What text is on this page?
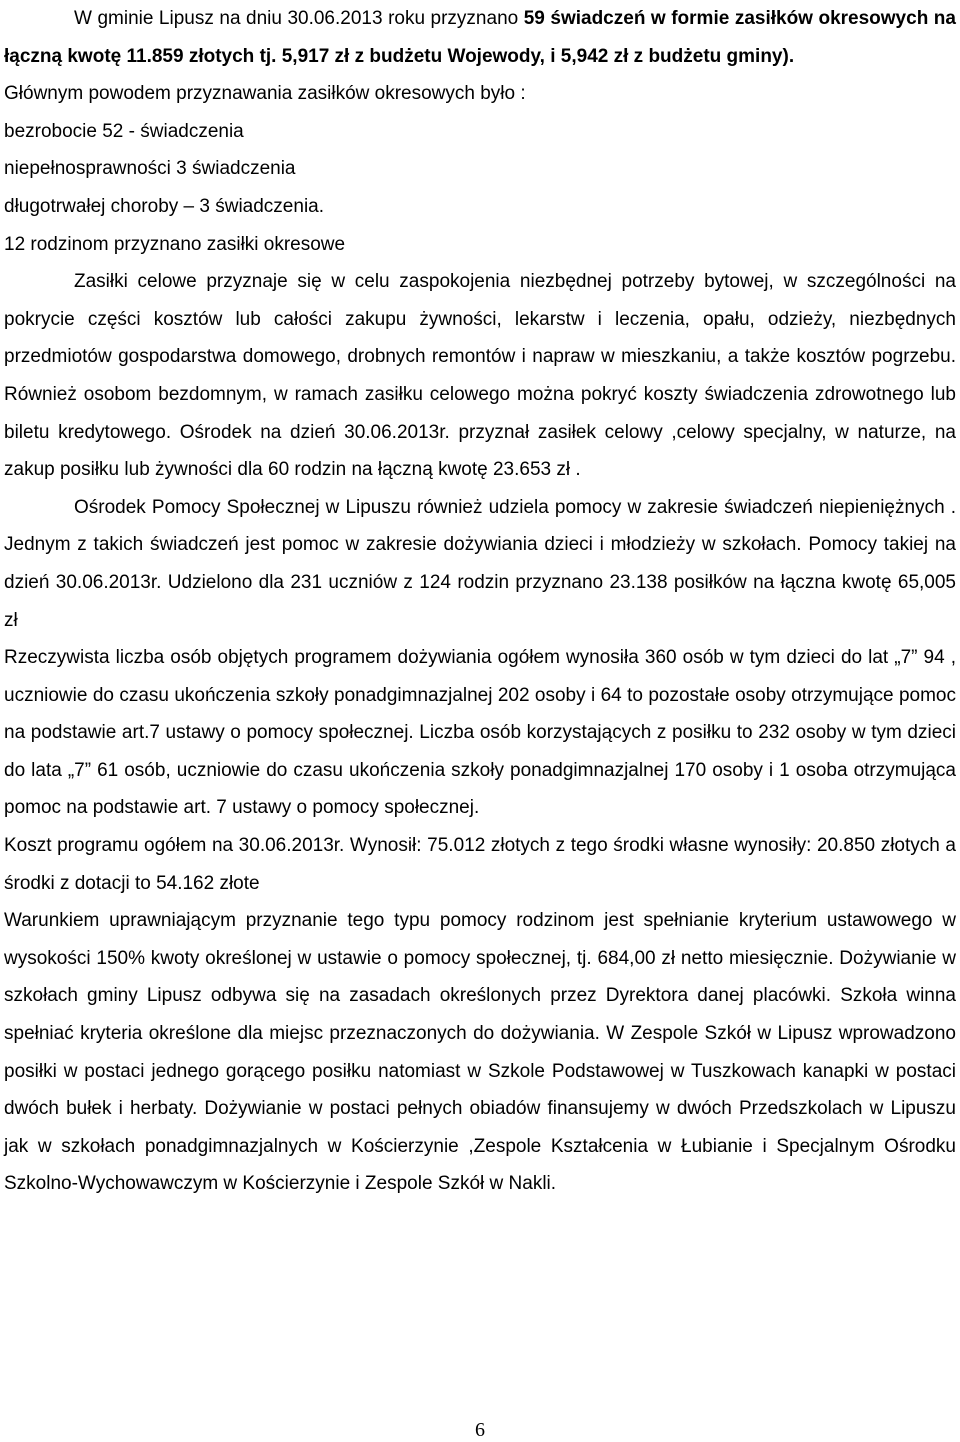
W gminie Lipusz na dniu 30.06.2013 roku przyznano 59 świadczeń w formie zasiłków okresowych na łączną kwotę 11.859 złotych tj. 5,917 zł z budżetu Wojewody, i 5,942 zł z budżetu gminy).

Głównym powodem przyznawania zasiłków okresowych było :

bezrobocie 52 - świadczenia

niepełnosprawności 3 świadczenia

długotrwałej choroby – 3 świadczenia.

12 rodzinom przyznano zasiłki okresowe

Zasiłki celowe przyznaje się w celu zaspokojenia niezbędnej potrzeby bytowej, w szczególności na pokrycie części kosztów lub całości zakupu żywności, lekarstw i leczenia, opału, odzieży, niezbędnych przedmiotów gospodarstwa domowego, drobnych remontów i napraw w mieszkaniu, a także kosztów pogrzebu. Również osobom bezdomnym, w ramach zasiłku celowego można pokryć koszty świadczenia zdrowotnego lub biletu kredytowego. Ośrodek na dzień 30.06.2013r. przyznał zasiłek celowy ,celowy specjalny, w naturze, na zakup posiłku lub żywności dla 60 rodzin na łączną kwotę 23.653 zł .

Ośrodek Pomocy Społecznej w Lipuszu również udziela pomocy w zakresie świadczeń niepieniężnych . Jednym z takich świadczeń jest pomoc w zakresie dożywiania dzieci i młodzieży w szkołach. Pomocy takiej na dzień 30.06.2013r. Udzielono dla 231 uczniów z 124 rodzin przyznano 23.138 posiłków na łączna kwotę 65,005 zł

Rzeczywista liczba osób objętych programem dożywiania ogółem wynosiła 360 osób w tym dzieci do lat „7” 94 , uczniowie do czasu ukończenia szkoły ponadgimnazjalnej 202 osoby i 64 to pozostałe osoby otrzymujące pomoc na podstawie art.7 ustawy o pomocy społecznej. Liczba osób korzystających z posiłku to 232 osoby w tym dzieci do lata „7” 61 osób, uczniowie do czasu ukończenia szkoły ponadgimnazjalnej 170 osoby i 1 osoba otrzymująca pomoc na podstawie art. 7 ustawy o pomocy społecznej.

Koszt programu ogółem na 30.06.2013r. Wynosił: 75.012 złotych z tego środki własne wynosiły: 20.850 złotych a środki z dotacji to 54.162 złote

Warunkiem uprawniającym przyznanie tego typu pomocy rodzinom jest spełnianie kryterium ustawowego w wysokości 150% kwoty określonej w ustawie o pomocy społecznej, tj. 684,00 zł netto miesięcznie. Dożywianie w szkołach gminy Lipusz odbywa się na zasadach określonych przez Dyrektora danej placówki. Szkoła winna spełniać kryteria określone dla miejsc przeznaczonych do dożywiania. W Zespole Szkół w Lipusz wprowadzono posiłki w postaci jednego gorącego posiłku natomiast w Szkole Podstawowej w Tuszkowach kanapki w postaci dwóch bułek i herbaty. Dożywianie w postaci pełnych obiadów finansujemy w dwóch Przedszkolach w Lipuszu jak w szkołach ponadgimnazjalnych w Kościerzynie ,Zespole Kształcenia w Łubianie i Specjalnym Ośrodku Szkolno-Wychowawczym w Kościerzynie i Zespole Szkół w Nakli.

6
